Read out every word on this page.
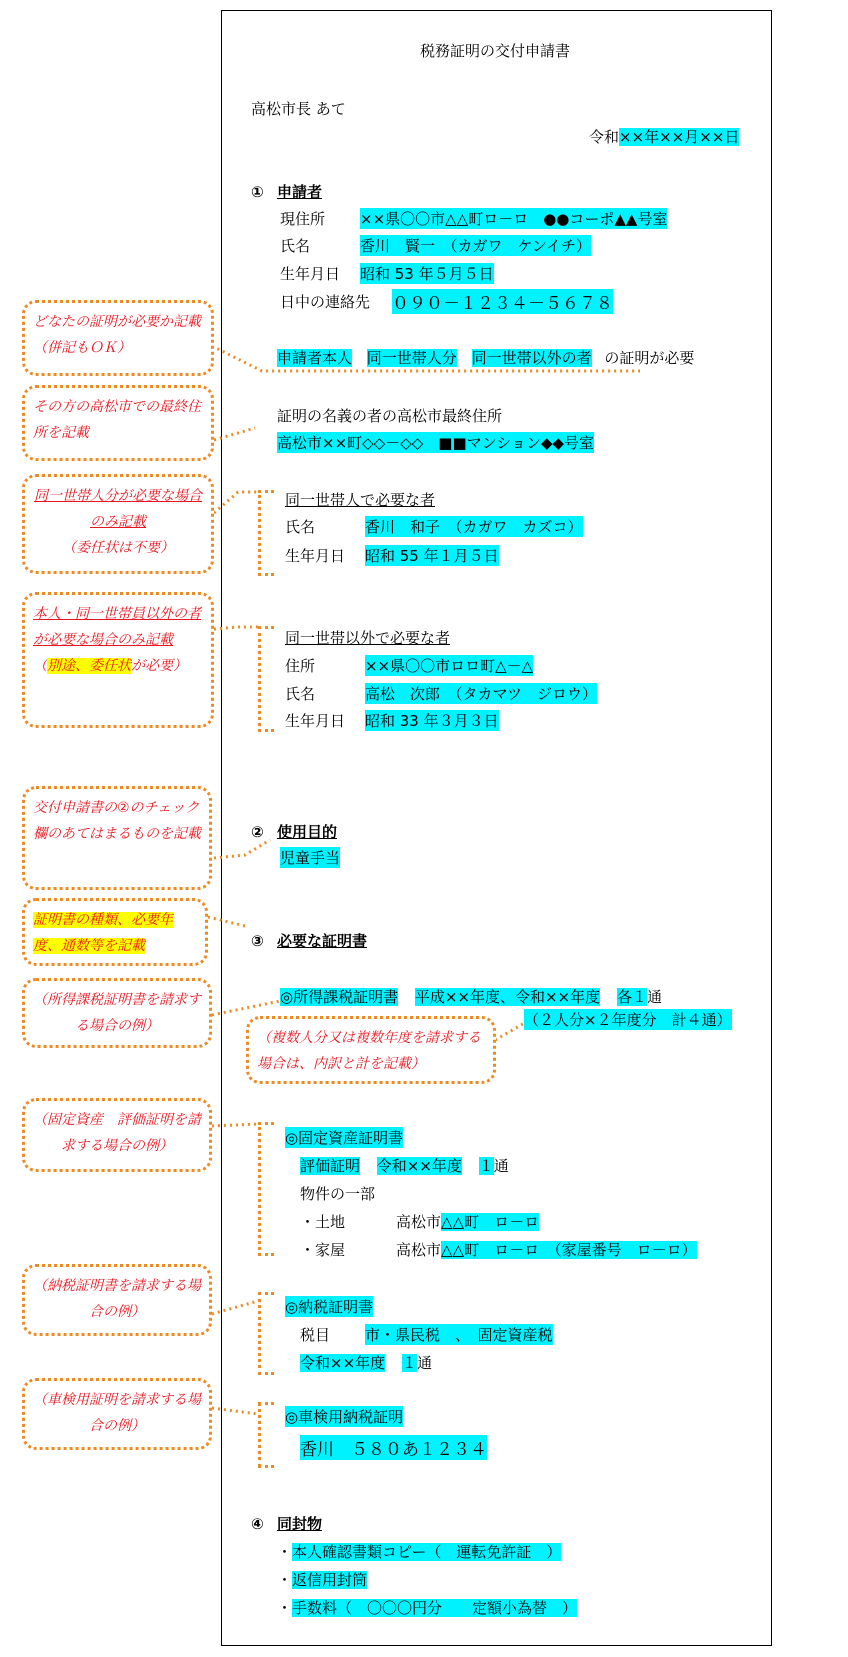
税務証明の交付申請書
高松市長 あて
令和××年××月××日
① 申請者
現住所 ××県〇〇市△△町ロ－ロ　●●コーポ▲▲号室
氏名	香川　賢一　（カガワ　ケンイチ）
生年月日 昭和 53 年５月５日
日中の連絡先 ０９０－１２３４－５６７８
申請者本人 同一世帯人分 同一世帯以外の者 の証明が必要
証明の名義の者の高松市最終住所
高松市××町◇◇－◇◇　■■マンション◆◆号室
同一世帯人で必要な者
氏名	香川　和子　（カガワ　カズコ）
生年月日 昭和 55 年１月５日
同一世帯以外で必要な者
住所	××県〇〇市ロロ町△－△
氏名	高松　次郎　（タカマツ　ジロウ）
生年月日 昭和 33 年３月３日
② 使用目的
児童手当
③ 必要な証明書
◎所得課税証明書 平成××年度、令和××年度 各１通
（２人分×２年度分　計４通）
◎固定資産証明書
評価証明 令和××年度 １通
物件の一部
・土地	高松市△△町　ロ－ロ
・家屋	高松市△△町　ロ－ロ　（家屋番号　ロ－ロ）
◎納税証明書
税目 市・県民税　、　固定資産税
令和××年度 １通
◎車検用納税証明
香川　５８０あ１２３４
④ 同封物
・本人確認書類コピー（　運転免許証　）
・返信用封筒
・手数料（　〇〇〇円分　　定額小為替　）
どなたの証明が必要か記載（併記もＯＫ）
その方の高松市での最終住所を記載
同一世帯人分が必要な場合のみ記載
（委任状は不要）
本人・同一世帯員以外の者が必要な場合のみ記載
（別途、委任状が必要）
交付申請書の②のチェック欄のあてはまるものを記載
証明書の種類、必要年度、通数等を記載
（所得課税証明書を請求する場合の例）
（複数人分又は複数年度を請求する場合は、内訳と計を記載）
（固定資産　評価証明を請求する場合の例）
（納税証明書を請求する場合の例）
（車検用証明を請求する場合の例）
